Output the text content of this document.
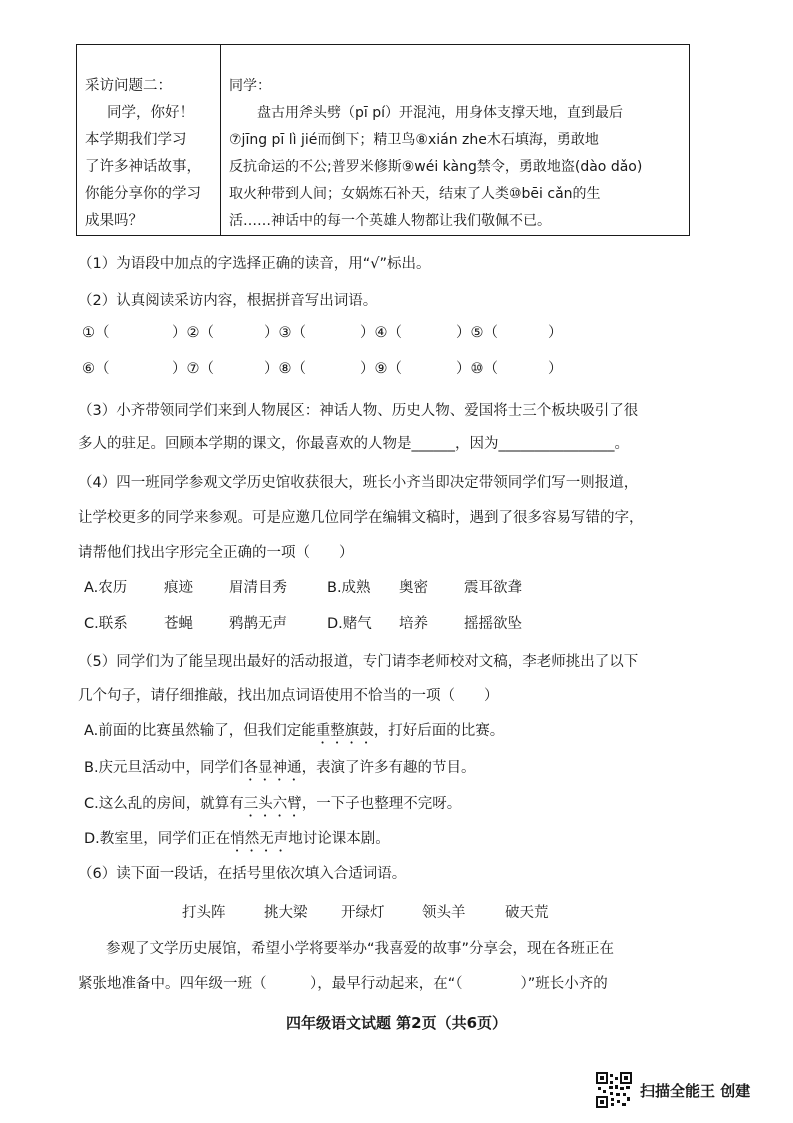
采访问题二：
同学，你好！
本学期我们学习
了许多神话故事，
你能分享你的学习
成果吗？
同学：
盘古用斧头劈（pī pí）开混沌，用身体支撑天地，直到最后
⑦jīng pī lì jié而倒下；精卫鸟⑧xián zhe木石填海，勇敢地
反抗命运的不公;普罗米修斯⑨wéi kàng禁令，勇敢地盗(dào dǎo)
取火种带到人间；女娲炼石补天，结束了人类⑩bēi cǎn的生
活……神话中的每一个英雄人物都让我们敬佩不已。
（1）为语段中加点的字选择正确的读音，用“√”标出。
（2）认真阅读采访内容，根据拼音写出词语。
①（	）②（	）③（	）④（	）⑤（	）
⑥（	）⑦（	）⑧（	）⑨（	）⑩（	）
（3）小齐带领同学们来到人物展区：神话人物、历史人物、爱国将士三个板块吸引了很
多人的驻足。回顾本学期的课文，你最喜欢的人物是______，因为________________。
（4）四一班同学参观文学历史馆收获很大，班长小齐当即决定带领同学们写一则报道，
让学校更多的同学来参观。可是应邀几位同学在编辑文稿时，遇到了很多容易写错的字，
请帮他们找出字形完全正确的一项（　　）
A.农历	痕迹 眉清目秀	B.成熟 奥密 震耳欲聋
C.联系	苍蝇 鸦鹊无声	D.赌气 培养 摇摇欲坠
（5）同学们为了能呈现出最好的活动报道，专门请李老师校对文稿，李老师挑出了以下
几个句子，请仔细推敲，找出加点词语使用不恰当的一项（　　）
A.前面的比赛虽然输了，但我们定能重整旗鼓，打好后面的比赛。
B.庆元旦活动中，同学们各显神通，表演了许多有趣的节目。
C.这么乱的房间，就算有三头六臂，一下子也整理不完呀。
D.教室里，同学们正在悄然无声地讨论课本剧。
（6）读下面一段话，在括号里依次填入合适词语。
打头阵	挑大梁 开绿灯	领头羊	破天荒
参观了文学历史展馆，希望小学将要举办“我喜爱的故事”分享会，现在各班正在
紧张地准备中。四年级一班（　　　），最早行动起来，在“（　　　　）”班长小齐的
四年级语文试题 第2页（共6页）
扫描全能王 创建
